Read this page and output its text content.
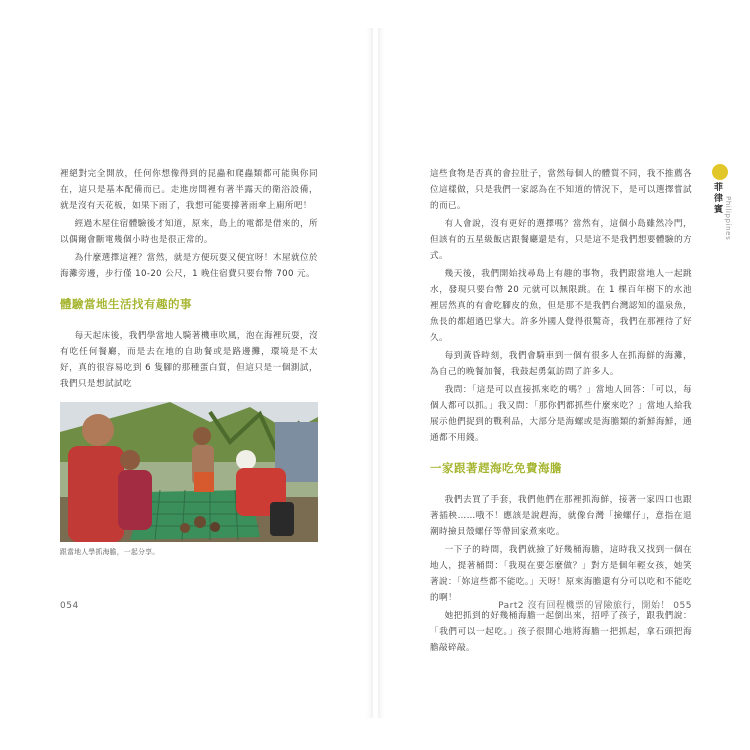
裡絕對完全開放，任何你想像得到的昆蟲和爬蟲類都可能與你同在，這只是基本配備而已。走進房間裡有著半露天的衛浴設備，就是沒有天花板，如果下雨了，我想可能要撐著雨傘上廁所吧！

經過木屋住宿體驗後才知道，原來，島上的電都是借來的，所以偶爾會斷電幾個小時也是很正常的。

為什麼選擇這裡？當然，就是方便玩耍又便宜呀！木屋就位於海灘旁邊，步行僅 10-20 公尺，1 晚住宿費只要台幣 700 元。

體驗當地生活找有趣的事

每天起床後，我們學當地人騎著機車吹風，泡在海裡玩耍，沒有吃任何餐廳，而是去在地的自助餐或是路邊攤，環境是不太好，真的很容易吃到 6 隻腳的那種蛋白質，但這只是一個測試，我們只是想試試吃

跟當地人學抓海膽，一起分享。
054

這些食物是否真的會拉肚子，當然每個人的體質不同，我不推薦各位這樣做，只是我們一家認為在不知道的情況下，是可以選擇嘗試的而已。

有人會說，沒有更好的選擇嗎？當然有，這個小島雖然冷門，但該有的五星級飯店跟餐廳還是有，只是這不是我們想要體驗的方式。

幾天後，我們開始找尋島上有趣的事物，我們跟當地人一起跳水，發現只要台幣 20 元就可以無限跳。在 1 棵百年樹下的水池裡居然真的有會吃腳皮的魚，但是那不是我們台灣認知的溫泉魚，魚長的都超過巴掌大。許多外國人覺得很驚奇，我們在那裡待了好久。

每到黃昏時刻，我們會騎車到一個有很多人在抓海鮮的海灘，為自己的晚餐加餐，我鼓起勇氣訪問了許多人。

我問：「這是可以直接抓來吃的嗎？」當地人回答：「可以，每個人都可以抓。」我又問：「那你們都抓些什麼來吃？」當地人給我展示他們捉到的戰利品，大部分是海螺或是海膽類的新鮮海鮮，通通都不用錢。

一家跟著趕海吃免費海膽

我們去買了手套，我們他們在那裡抓海鮮，接著一家四口也跟著插秧……哦不！應該是說趕海，就像台灣「撿螺仔」，意指在退潮時撿貝殼螺仔等帶回家煮來吃。

一下子的時間，我們就撿了好幾桶海膽，這時我又找到一個在地人，提著桶問：「我現在要怎麼做？」對方是個年輕女孩，她笑著說：「妳這些都不能吃。」天呀！原來海膽還有分可以吃和不能吃的啊！

她把抓到的好幾桶海膽一起倒出來，招呼了孩子，跟我們說：「我們可以一起吃。」孩子很開心地將海膽一把抓起，拿石頭把海膽敲碎敲。

菲律賓 Philippines
Part2 沒有回程機票的冒險旅行，開始！ 055
